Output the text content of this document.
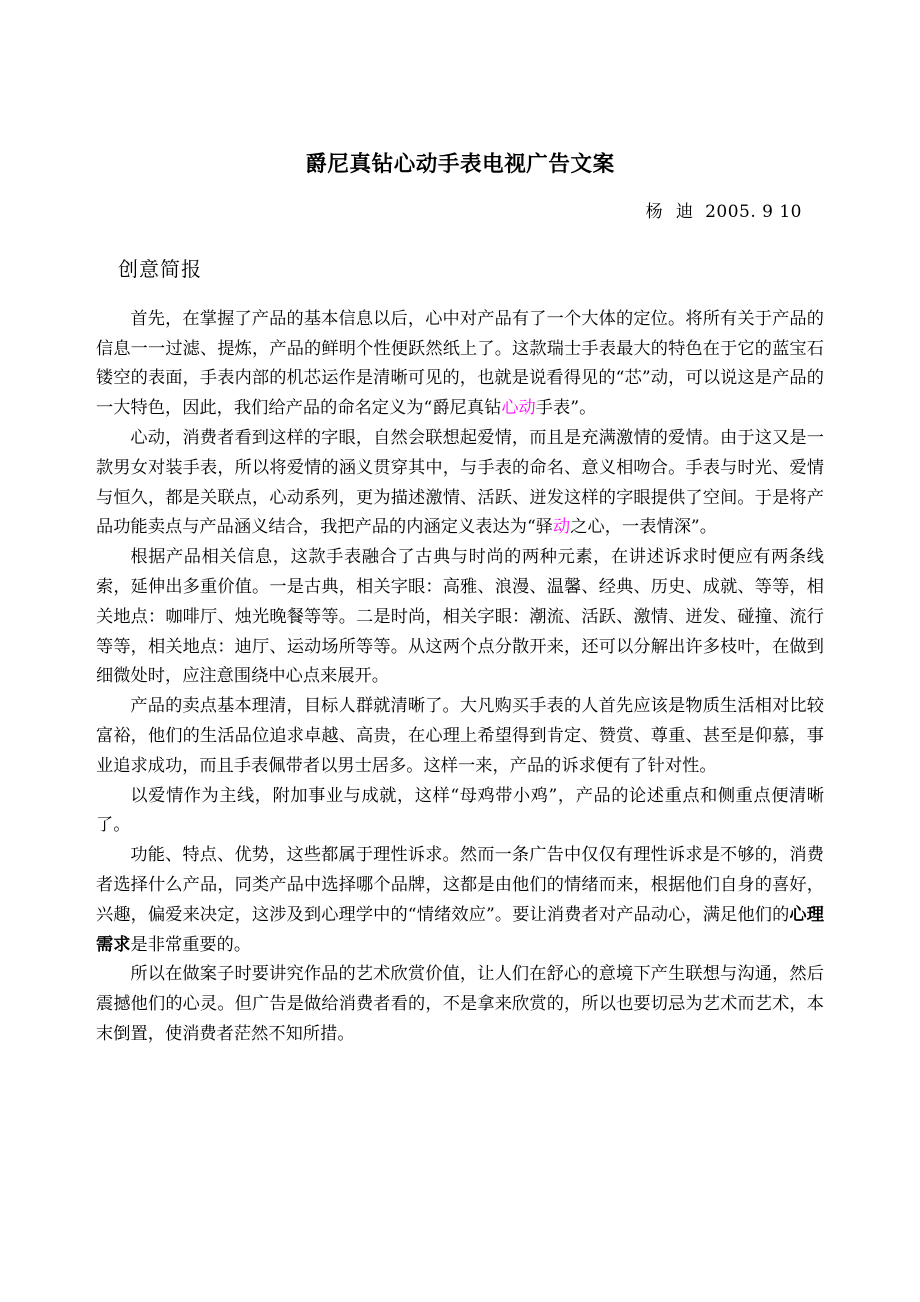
爵尼真钻心动手表电视广告文案
杨 迪 2005. 9 10
创意简报

首先，在掌握了产品的基本信息以后，心中对产品有了一个大体的定位。将所有关于产品的信息一一过滤、提炼，产品的鲜明个性便跃然纸上了。这款瑞士手表最大的特色在于它的蓝宝石镂空的表面，手表内部的机芯运作是清晰可见的，也就是说看得见的“芯”动，可以说这是产品的一大特色，因此，我们给产品的命名定义为“爵尼真钻心动手表”。

心动，消费者看到这样的字眼，自然会联想起爱情，而且是充满激情的爱情。由于这又是一款男女对装手表，所以将爱情的涵义贯穿其中，与手表的命名、意义相吻合。手表与时光、爱情与恒久，都是关联点，心动系列，更为描述激情、活跃、迸发这样的字眼提供了空间。于是将产品功能卖点与产品涵义结合，我把产品的内涵定义表达为“驿动之心，一表情深”。

根据产品相关信息，这款手表融合了古典与时尚的两种元素，在讲述诉求时便应有两条线索，延伸出多重价值。一是古典，相关字眼：高雅、浪漫、温馨、经典、历史、成就、等等，相关地点：咖啡厅、烛光晚餐等等。二是时尚，相关字眼：潮流、活跃、激情、迸发、碰撞、流行等等，相关地点：迪厅、运动场所等等。从这两个点分散开来，还可以分解出许多枝叶，在做到细微处时，应注意围绕中心点来展开。

产品的卖点基本理清，目标人群就清晰了。大凡购买手表的人首先应该是物质生活相对比较富裕，他们的生活品位追求卓越、高贵，在心理上希望得到肯定、赞赏、尊重、甚至是仰慕，事业追求成功，而且手表佩带者以男士居多。这样一来，产品的诉求便有了针对性。

以爱情作为主线，附加事业与成就，这样“母鸡带小鸡”，产品的论述重点和侧重点便清晰了。

功能、特点、优势，这些都属于理性诉求。然而一条广告中仅仅有理性诉求是不够的，消费者选择什么产品，同类产品中选择哪个品牌，这都是由他们的情绪而来，根据他们自身的喜好，兴趣，偏爱来决定，这涉及到心理学中的“情绪效应”。要让消费者对产品动心，满足他们的心理需求是非常重要的。

所以在做案子时要讲究作品的艺术欣赏价值，让人们在舒心的意境下产生联想与沟通，然后震撼他们的心灵。但广告是做给消费者看的，不是拿来欣赏的，所以也要切忌为艺术而艺术，本末倒置，使消费者茫然不知所措。
